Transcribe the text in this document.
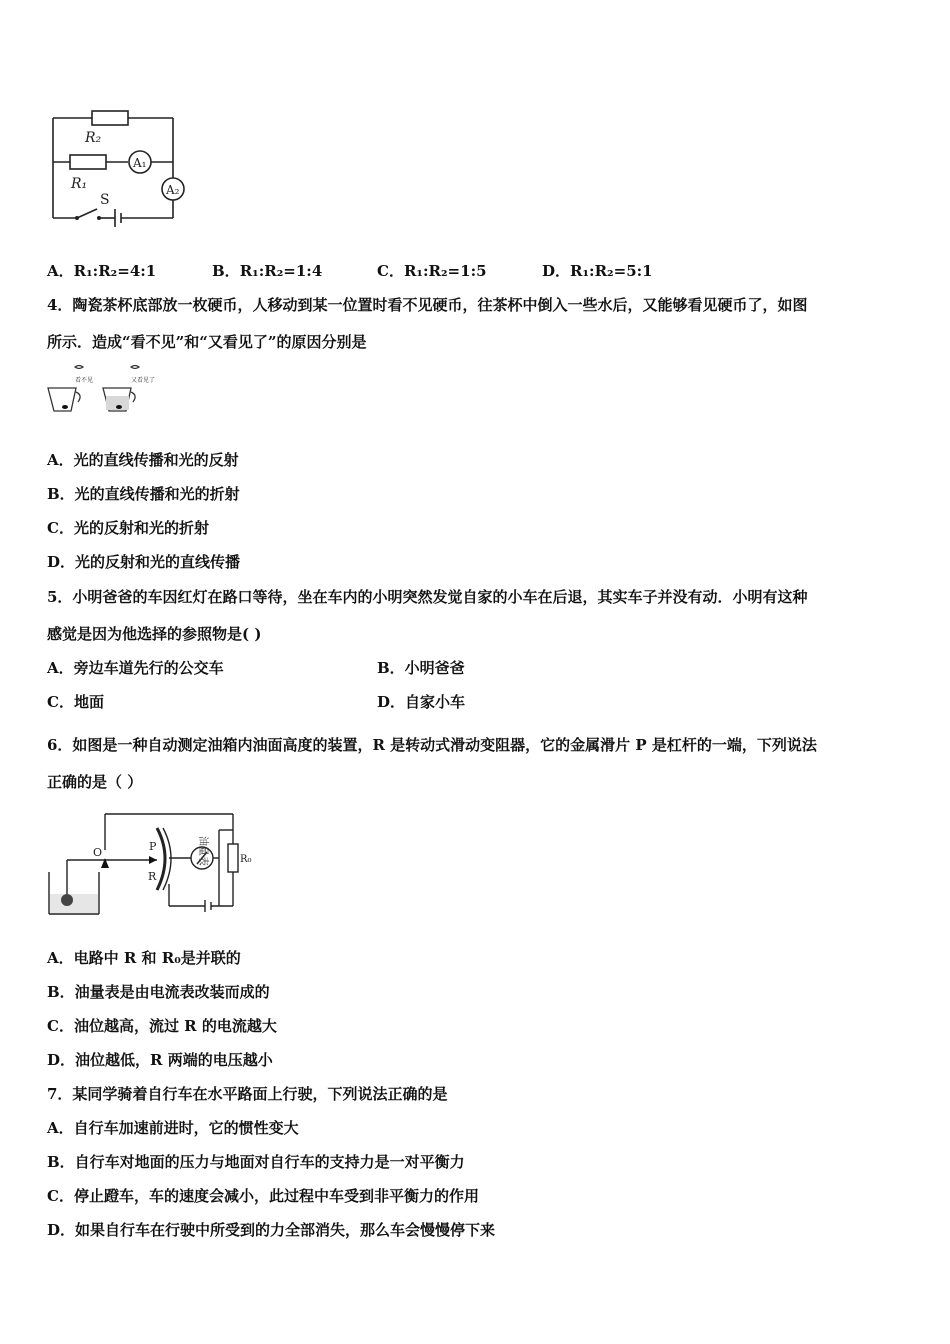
R₂
R₁
A₁
A₂
S
A．R₁:R₂=4:1	B．R₁:R₂=1:4	C．R₁:R₂=1:5	D．R₁:R₂=5:1
4．陶瓷茶杯底部放一枚硬币，人移动到某一位置时看不见硬币，往茶杯中倒入一些水后，又能够看见硬币了，如图
所示．造成“看不见”和“又看见了”的原因分别是
看不见	又看见了
A．光的直线传播和光的反射
B．光的直线传播和光的折射
C．光的反射和光的折射
D．光的反射和光的直线传播
5．小明爸爸的车因红灯在路口等待，坐在车内的小明突然发觉自家的小车在后退，其实车子并没有动．小明有这种
感觉是因为他选择的参照物是( )
A．旁边车道先行的公交车	B．小明爸爸
C．地面	D．自家小车
6．如图是一种自动测定油箱内油面高度的装置，R 是转动式滑动变阻器，它的金属滑片 P 是杠杆的一端，下列说法
正确的是（ ）
O	P
R
油量表	R₀
A．电路中 R 和 R₀是并联的
B．油量表是由电流表改装而成的
C．油位越高，流过 R 的电流越大
D．油位越低，R 两端的电压越小
7．某同学骑着自行车在水平路面上行驶，下列说法正确的是
A．自行车加速前进时，它的惯性变大
B．自行车对地面的压力与地面对自行车的支持力是一对平衡力
C．停止蹬车，车的速度会减小，此过程中车受到非平衡力的作用
D．如果自行车在行驶中所受到的力全部消失，那么车会慢慢停下来
